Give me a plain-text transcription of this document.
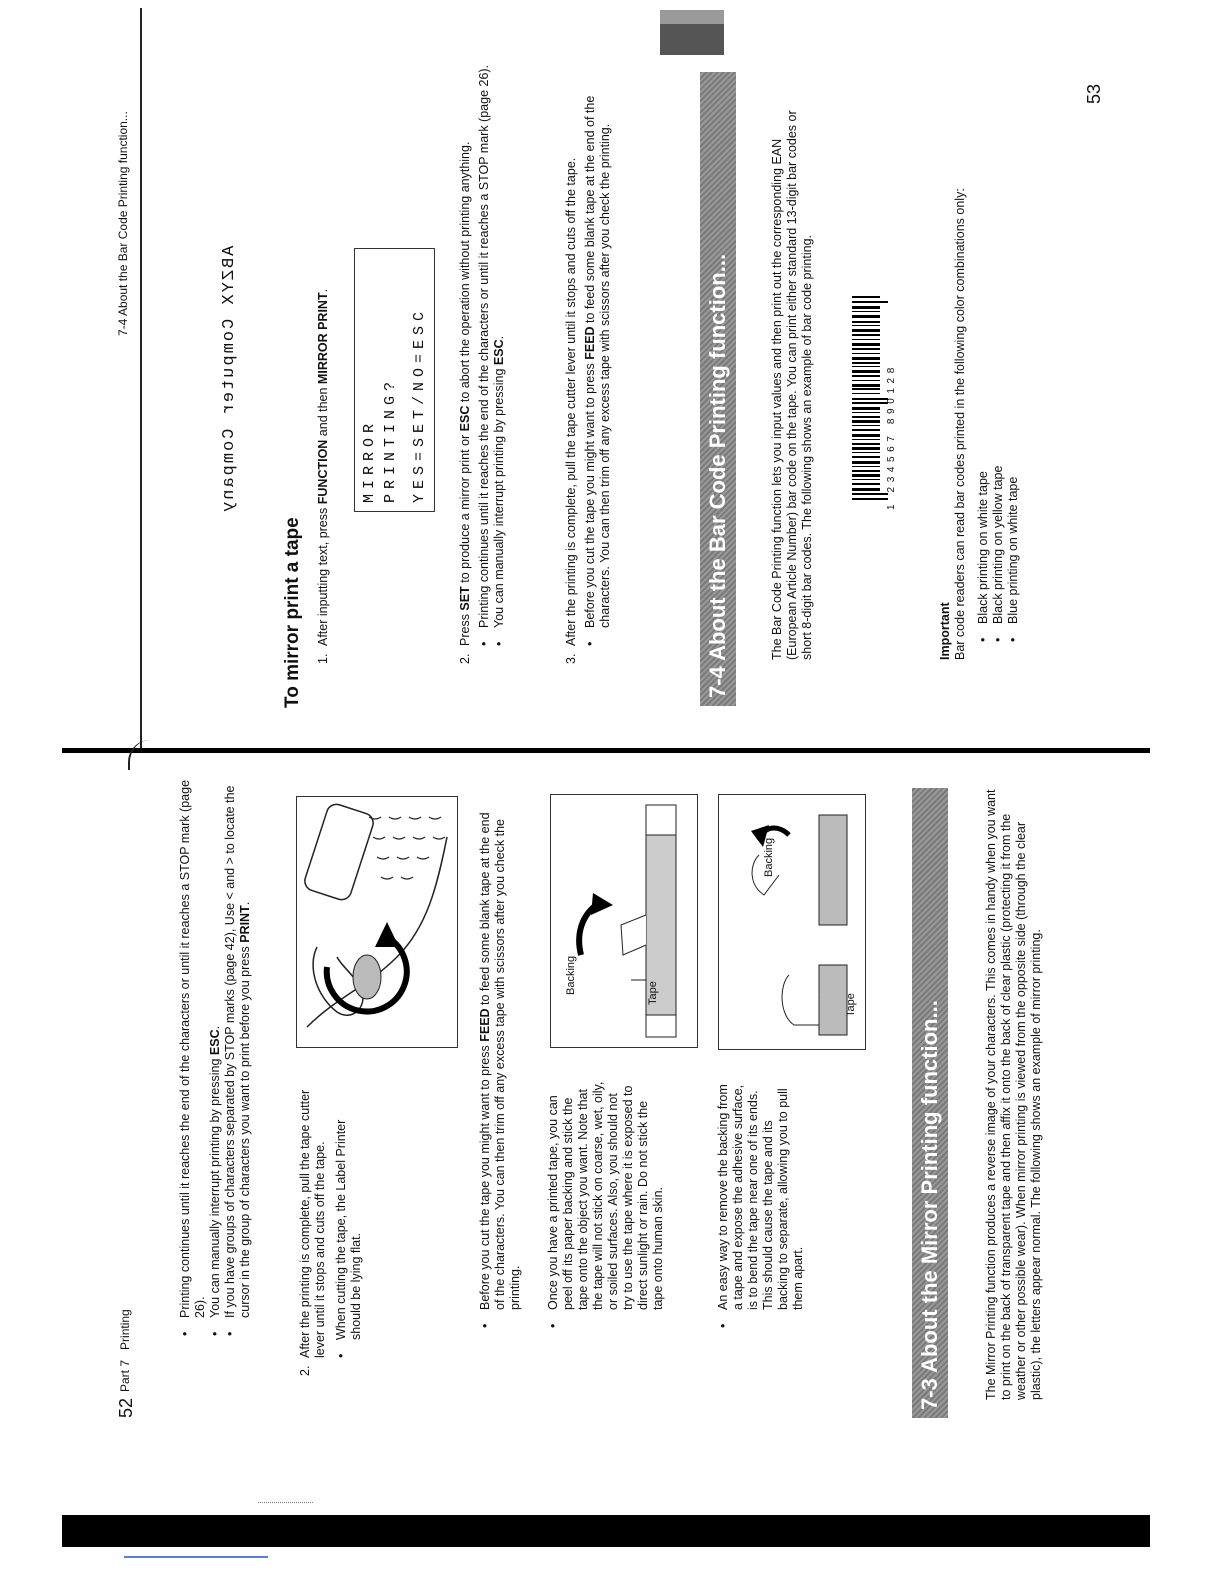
Part 7   Printing
52
•
Printing continues until it reaches the end of the characters or until it reaches a STOP mark (page 26).
•
You can manually interrupt printing by pressing ESC.
•
If you have groups of characters separated by STOP marks (page 42), Use < and > to locate the cursor in the group of characters you want to print before you press PRINT.
2.
After the printing is complete, pull the tape cutter lever until it stops and cuts off the tape. •
When cutting the tape, the Label Printer should be lying flat.	•
Before you cut the tape you might want to press FEED to feed some blank tape at the end of the characters. You can then trim off any excess tape with scissors after you check the printing.
•
Once you have a printed tape, you can peel off its paper backing and stick the tape onto the object you want. Note that the tape will not stick on coarse, wet, oily, or soiled surfaces. Also, you should not try to use the tape where it is exposed to direct sunlight or rain. Do not stick the tape onto human skin.
Tape
Backing
•
An easy way to remove the backing from a tape and expose the adhesive surface, is to bend the tape near one of its ends. This should cause the tape and its backing to separate, allowing you to pull them apart.
Tape
Backing
7-3 About the Mirror Printing function...	The Mirror Printing function produces a reverse image of your characters. This comes in handy when you want to print on the back of transparent tape and then affix it onto the back of clear plastic (protecting it from the weather or other possible wear). When mirror printing is viewed from the opposite side (through the clear plastic), the letters appear normal. The following shows an example of mirror printing.
7-4 About the Bar Code Printing function...
53
ABZYX Computer Company
To mirror print a tape 1.
After inputting text, press FUNCTION and then MIRROR PRINT.
MIRROR PRINTING? YES=SET/NO=ESC
2.
Press SET to produce a mirror print or ESC to abort the operation without printing anything.
•
Printing continues until it reaches the end of the characters or until it reaches a STOP mark (page 26).
•
You can manually interrupt printing by pressing ESC.
3.
After the printing is complete, pull the tape cutter lever until it stops and cuts off the tape. •
Before you cut the tape you might want to press FEED to feed some blank tape at the end of the characters. You can then trim off any excess tape with scissors after you check the printing.	7-4 About the Bar Code Printing function...	The Bar Code Printing function lets you input values and then print out the corresponding EAN (European Article Number) bar code on the tape. You can print either standard 13-digit bar codes or short 8-digit bar codes. The following shows an example of bar code printing.	1 234567 890128
Important Bar code readers can read bar codes printed in the following color combinations only: •
Black printing on white tape
•
Black printing on yellow tape
•
Blue printing on white tape
